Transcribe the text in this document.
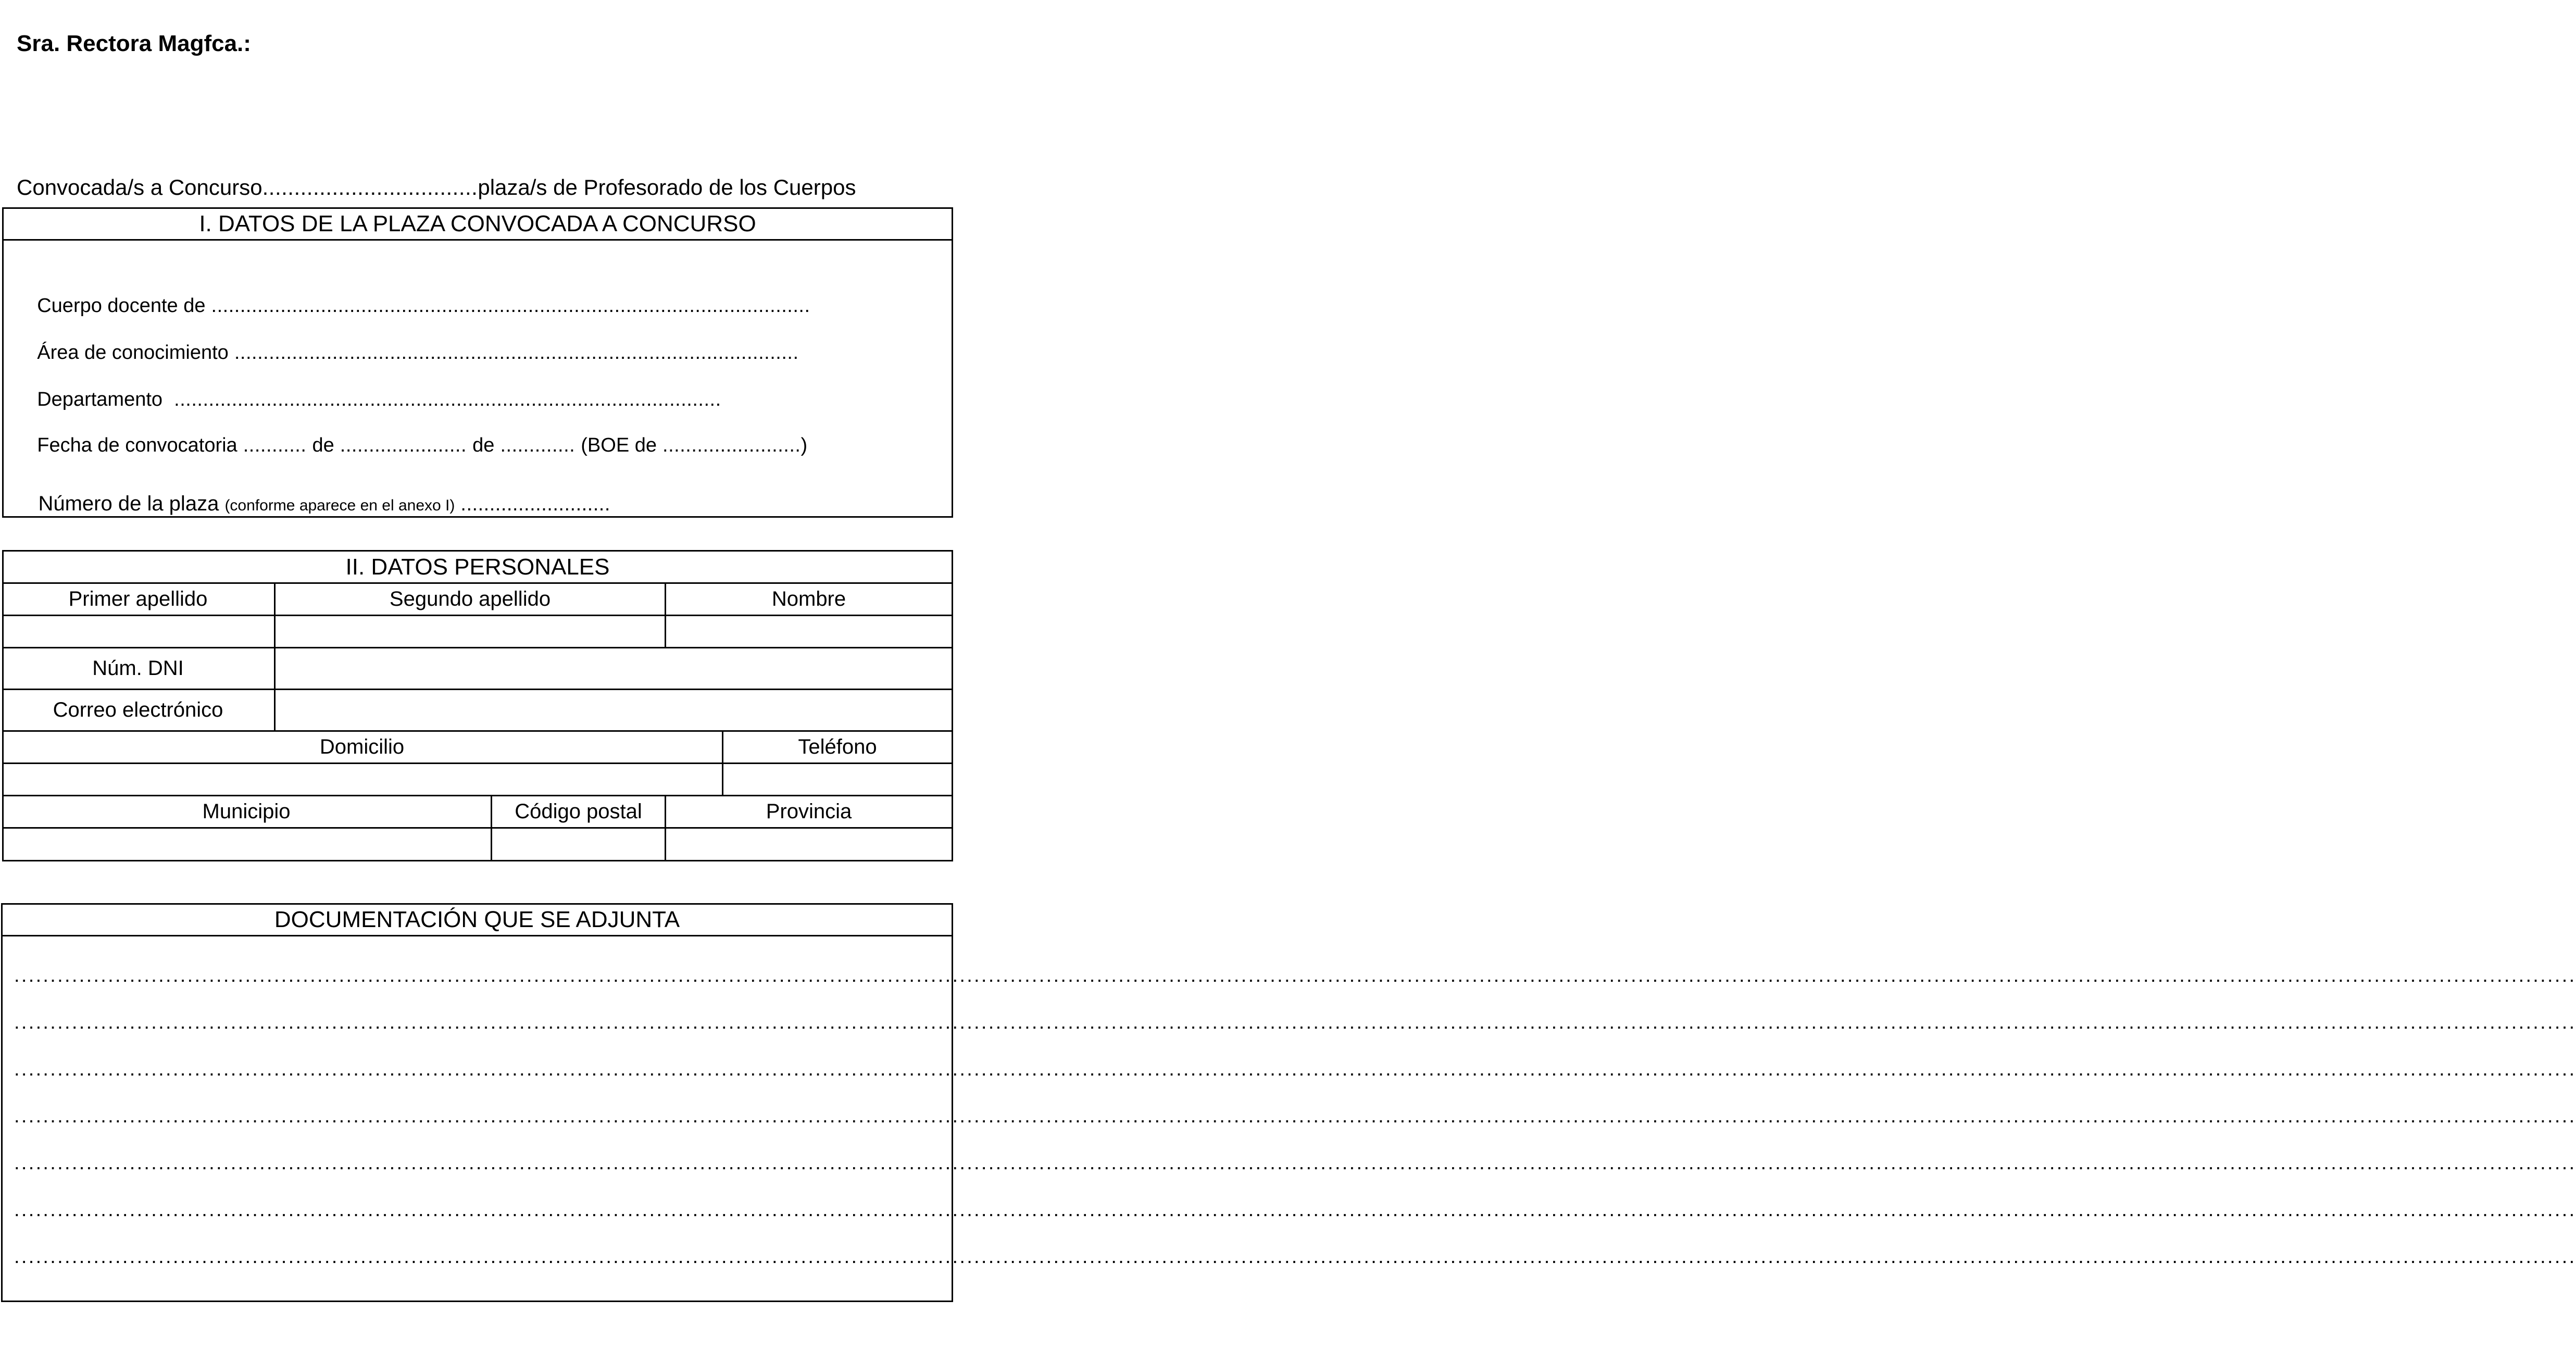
Sra. Rectora Magfca.:

Convocada/s a Concurso..................................plaza/s de Profesorado de los Cuerpos

I. DATOS DE LA PLAZA CONVOCADA A CONCURSO

Cuerpo docente de ........................................................................................................

Área de conocimiento ..................................................................................................

Departamento  ...............................................................................................

Fecha de convocatoria ........... de ...................... de ............. (BOE de ........................)

Número de la plaza (conforme aparece en el anexo I) ..........................

II. DATOS PERSONALES
Primer apellido	Segundo apellido	Nombre
Núm. DNI
Correo electrónico
Domicilio	Teléfono
Municipio	Código postal	Provincia
DOCUMENTACIÓN QUE SE ADJUNTA
...................................................................................................................................................................................................................................................................................................................................................................
...................................................................................................................................................................................................................................................................................................................................................................
...................................................................................................................................................................................................................................................................................................................................................................
...................................................................................................................................................................................................................................................................................................................................................................
...................................................................................................................................................................................................................................................................................................................................................................
...................................................................................................................................................................................................................................................................................................................................................................
...................................................................................................................................................................................................................................................................................................................................................................
